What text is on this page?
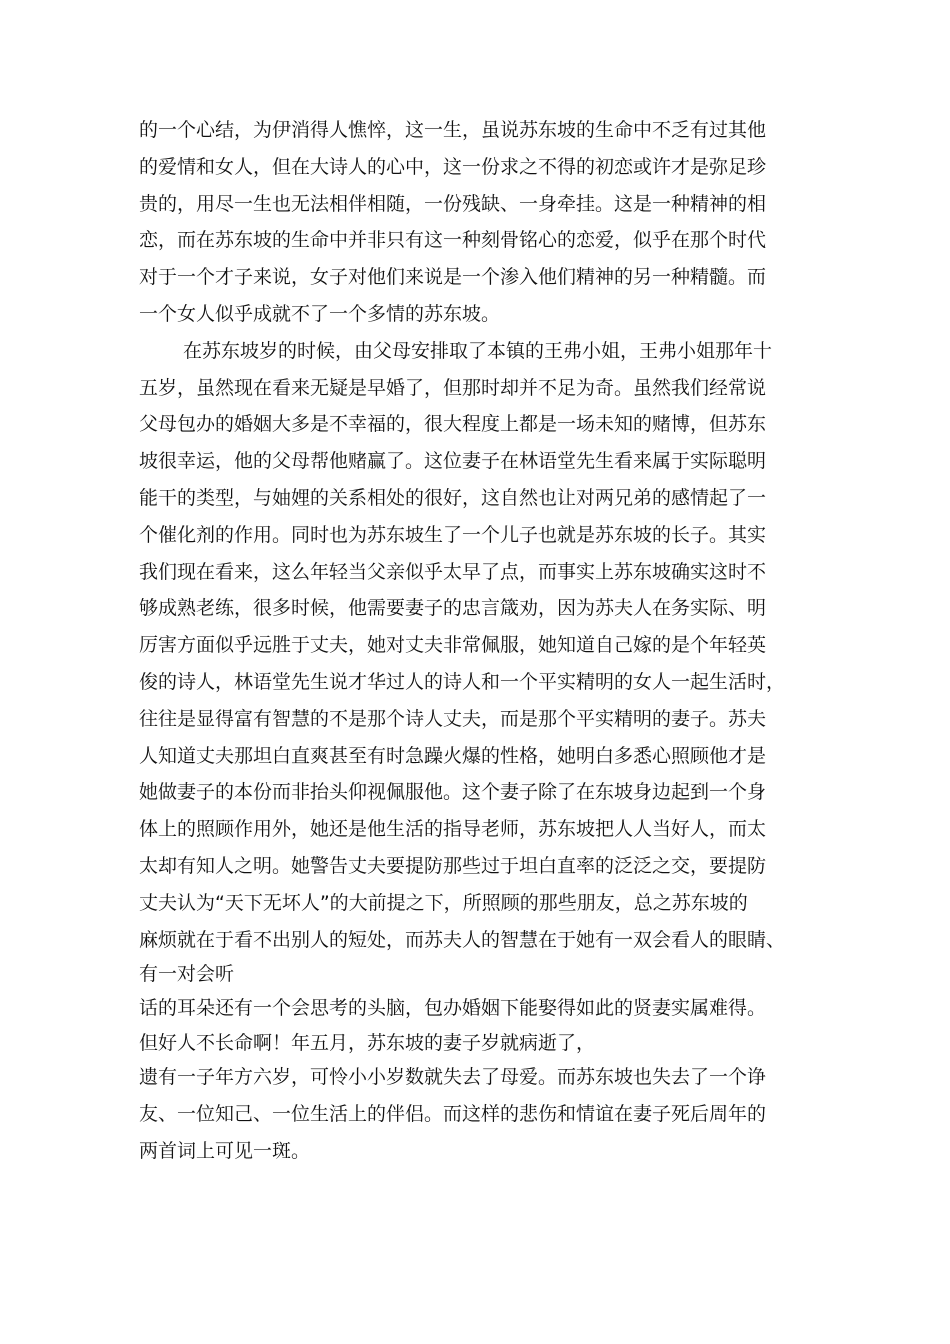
的一个心结，为伊消得人憔悴，这一生，虽说苏东坡的生命中不乏有过其他
的爱情和女人，但在大诗人的心中，这一份求之不得的初恋或许才是弥足珍
贵的，用尽一生也无法相伴相随，一份残缺、一身牵挂。这是一种精神的相
恋，而在苏东坡的生命中并非只有这一种刻骨铭心的恋爱，似乎在那个时代
对于一个才子来说，女子对他们来说是一个渗入他们精神的另一种精髓。而
一个女人似乎成就不了一个多情的苏东坡。
在苏东坡岁的时候，由父母安排取了本镇的王弗小姐，王弗小姐那年十
五岁，虽然现在看来无疑是早婚了，但那时却并不足为奇。虽然我们经常说
父母包办的婚姻大多是不幸福的，很大程度上都是一场未知的赌博，但苏东
坡很幸运，他的父母帮他赌赢了。这位妻子在林语堂先生看来属于实际聪明
能干的类型，与妯娌的关系相处的很好，这自然也让对两兄弟的感情起了一
个催化剂的作用。同时也为苏东坡生了一个儿子也就是苏东坡的长子。其实
我们现在看来，这么年轻当父亲似乎太早了点，而事实上苏东坡确实这时不
够成熟老练，很多时候，他需要妻子的忠言箴劝，因为苏夫人在务实际、明
厉害方面似乎远胜于丈夫，她对丈夫非常佩服，她知道自己嫁的是个年轻英
俊的诗人，林语堂先生说才华过人的诗人和一个平实精明的女人一起生活时，
往往是显得富有智慧的不是那个诗人丈夫，而是那个平实精明的妻子。苏夫
人知道丈夫那坦白直爽甚至有时急躁火爆的性格，她明白多悉心照顾他才是
她做妻子的本份而非抬头仰视佩服他。这个妻子除了在东坡身边起到一个身
体上的照顾作用外，她还是他生活的指导老师，苏东坡把人人当好人，而太
太却有知人之明。她警告丈夫要提防那些过于坦白直率的泛泛之交，要提防
丈夫认为“天下无坏人”的大前提之下，所照顾的那些朋友，总之苏东坡的
麻烦就在于看不出别人的短处，而苏夫人的智慧在于她有一双会看人的眼睛、
有一对会听
话的耳朵还有一个会思考的头脑，包办婚姻下能娶得如此的贤妻实属难得。
但好人不长命啊！年五月，苏东坡的妻子岁就病逝了，
遗有一子年方六岁，可怜小小岁数就失去了母爱。而苏东坡也失去了一个诤
友、一位知己、一位生活上的伴侣。而这样的悲伤和情谊在妻子死后周年的
两首词上可见一斑。
